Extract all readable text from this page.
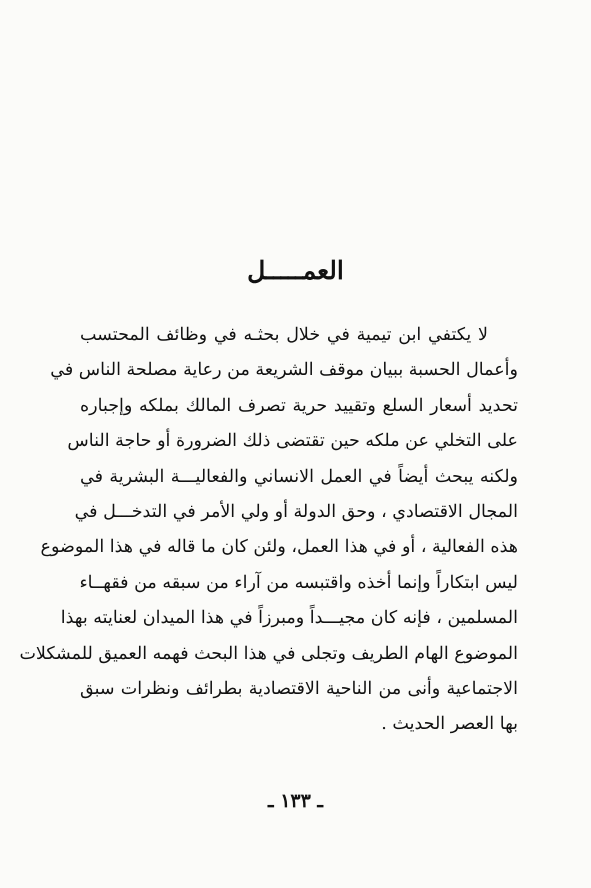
العمـــــل
لا يكتفي ابن تيمية في خلال بحثـه في وظائف المحتسب
وأعمال الحسبة ببيان موقف الشريعة من رعاية مصلحة الناس في
تحديد أسعار السلع وتقييد حرية تصرف المالك بملكه وإجباره
على التخلي عن ملكه حين تقتضى ذلك الضرورة أو حاجة الناس
ولكنه يبحث أيضاً في العمل الانساني والفعاليـــة البشرية في
المجال الاقتصادي ، وحق الدولة أو ولي الأمر في التدخـــل في
هذه الفعالية ، أو في هذا العمل، ولئن كان ما قاله في هذا الموضوع
ليس ابتكاراً وإنما أخذه واقتبسه من آراء من سبقه من فقهــاء
المسلمين ، فإنه كان مجيـــداً ومبرزاً في هذا الميدان لعنايته بهذا
الموضوع الهام الطريف وتجلى في هذا البحث فهمه العميق للمشكلات
الاجتماعية وأنى من الناحية الاقتصادية بطرائف ونظرات سبق
بها العصر الحديث .
ـ ١٣٣ ـ
